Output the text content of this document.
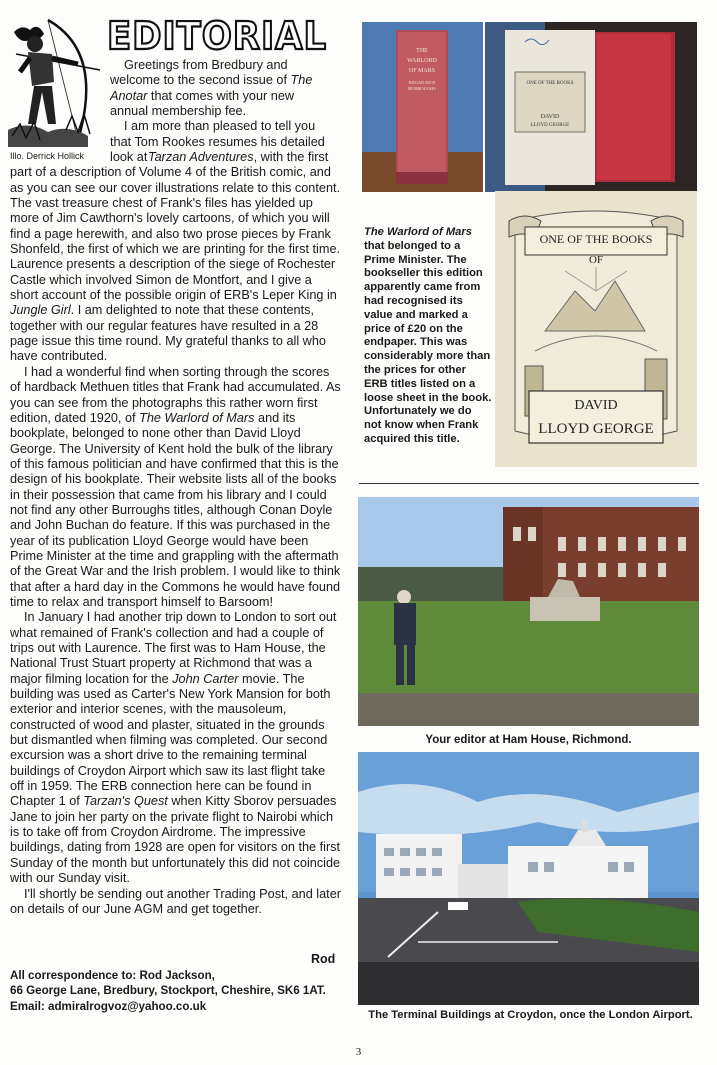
Illo. Derrick Hollick
EDITORIAL

Greetings from Bredbury and welcome to the second issue of The Anotar that comes with your new annual membership fee.

I am more than pleased to tell you that Tom Rookes resumes his detailed look at Tarzan Adventures, with the first part of a description of Volume 4 of the British comic, and as you can see our cover illustrations relate to this content. The vast treasure chest of Frank's files has yielded up more of Jim Cawthorn's lovely cartoons, of which you will find a page herewith, and also two prose pieces by Frank Shonfeld, the first of which we are printing for the first time. Laurence presents a description of the siege of Rochester Castle which involved Simon de Montfort, and I give a short account of the possible origin of ERB's Leper King in Jungle Girl. I am delighted to note that these contents, together with our regular features have resulted in a 28 page issue this time round. My grateful thanks to all who have contributed.

I had a wonderful find when sorting through the scores of hardback Methuen titles that Frank had accumulated. As you can see from the photographs this rather worn first edition, dated 1920, of The Warlord of Mars and its bookplate, belonged to none other than David Lloyd George. The University of Kent hold the bulk of the library of this famous politician and have confirmed that this is the design of his bookplate. Their website lists all of the books in their possession that came from his library and I could not find any other Burroughs titles, although Conan Doyle and John Buchan do feature. If this was purchased in the year of its publication Lloyd George would have been Prime Minister at the time and grappling with the aftermath of the Great War and the Irish problem. I would like to think that after a hard day in the Commons he would have found time to relax and transport himself to Barsoom!

In January I had another trip down to London to sort out what remained of Frank's collection and had a couple of trips out with Laurence. The first was to Ham House, the National Trust Stuart property at Richmond that was a major filming location for the John Carter movie. The building was used as Carter's New York Mansion for both exterior and interior scenes, with the mausoleum, constructed of wood and plaster, situated in the grounds but dismantled when filming was completed. Our second excursion was a short drive to the remaining terminal buildings of Croydon Airport which saw its last flight take off in 1959. The ERB connection here can be found in Chapter 1 of Tarzan's Quest when Kitty Sborov persuades Jane to join her party on the private flight to Nairobi which is to take off from Croydon Airdrome. The impressive buildings, dating from 1928 are open for visitors on the first Sunday of the month but unfortunately this did not coincide with our Sunday visit.

I'll shortly be sending out another Trading Post, and later on details of our June AGM and get together.

Rod
All correspondence to: Rod Jackson,
66 George Lane, Bredbury, Stockport, Cheshire, SK6 1AT.
Email: admiralrogvoz@yahoo.co.uk
THE
WARLORD
OF MARS
EDGAR RICE
BURROUGHS
ONE OF THE BOOKS
DAVID
LLOYD GEORGE
ONE OF THE BOOKS
OF
DAVID
LLOYD GEORGE
The Warlord of Mars that belonged to a Prime Minister. The bookseller this edition apparently came from had recognised its value and marked a price of £20 on the endpaper. This was considerably more than the prices for other ERB titles listed on a loose sheet in the book. Unfortunately we do not know when Frank acquired this title.
Your editor at Ham House, Richmond.
The Terminal Buildings at Croydon, once the London Airport.
3
